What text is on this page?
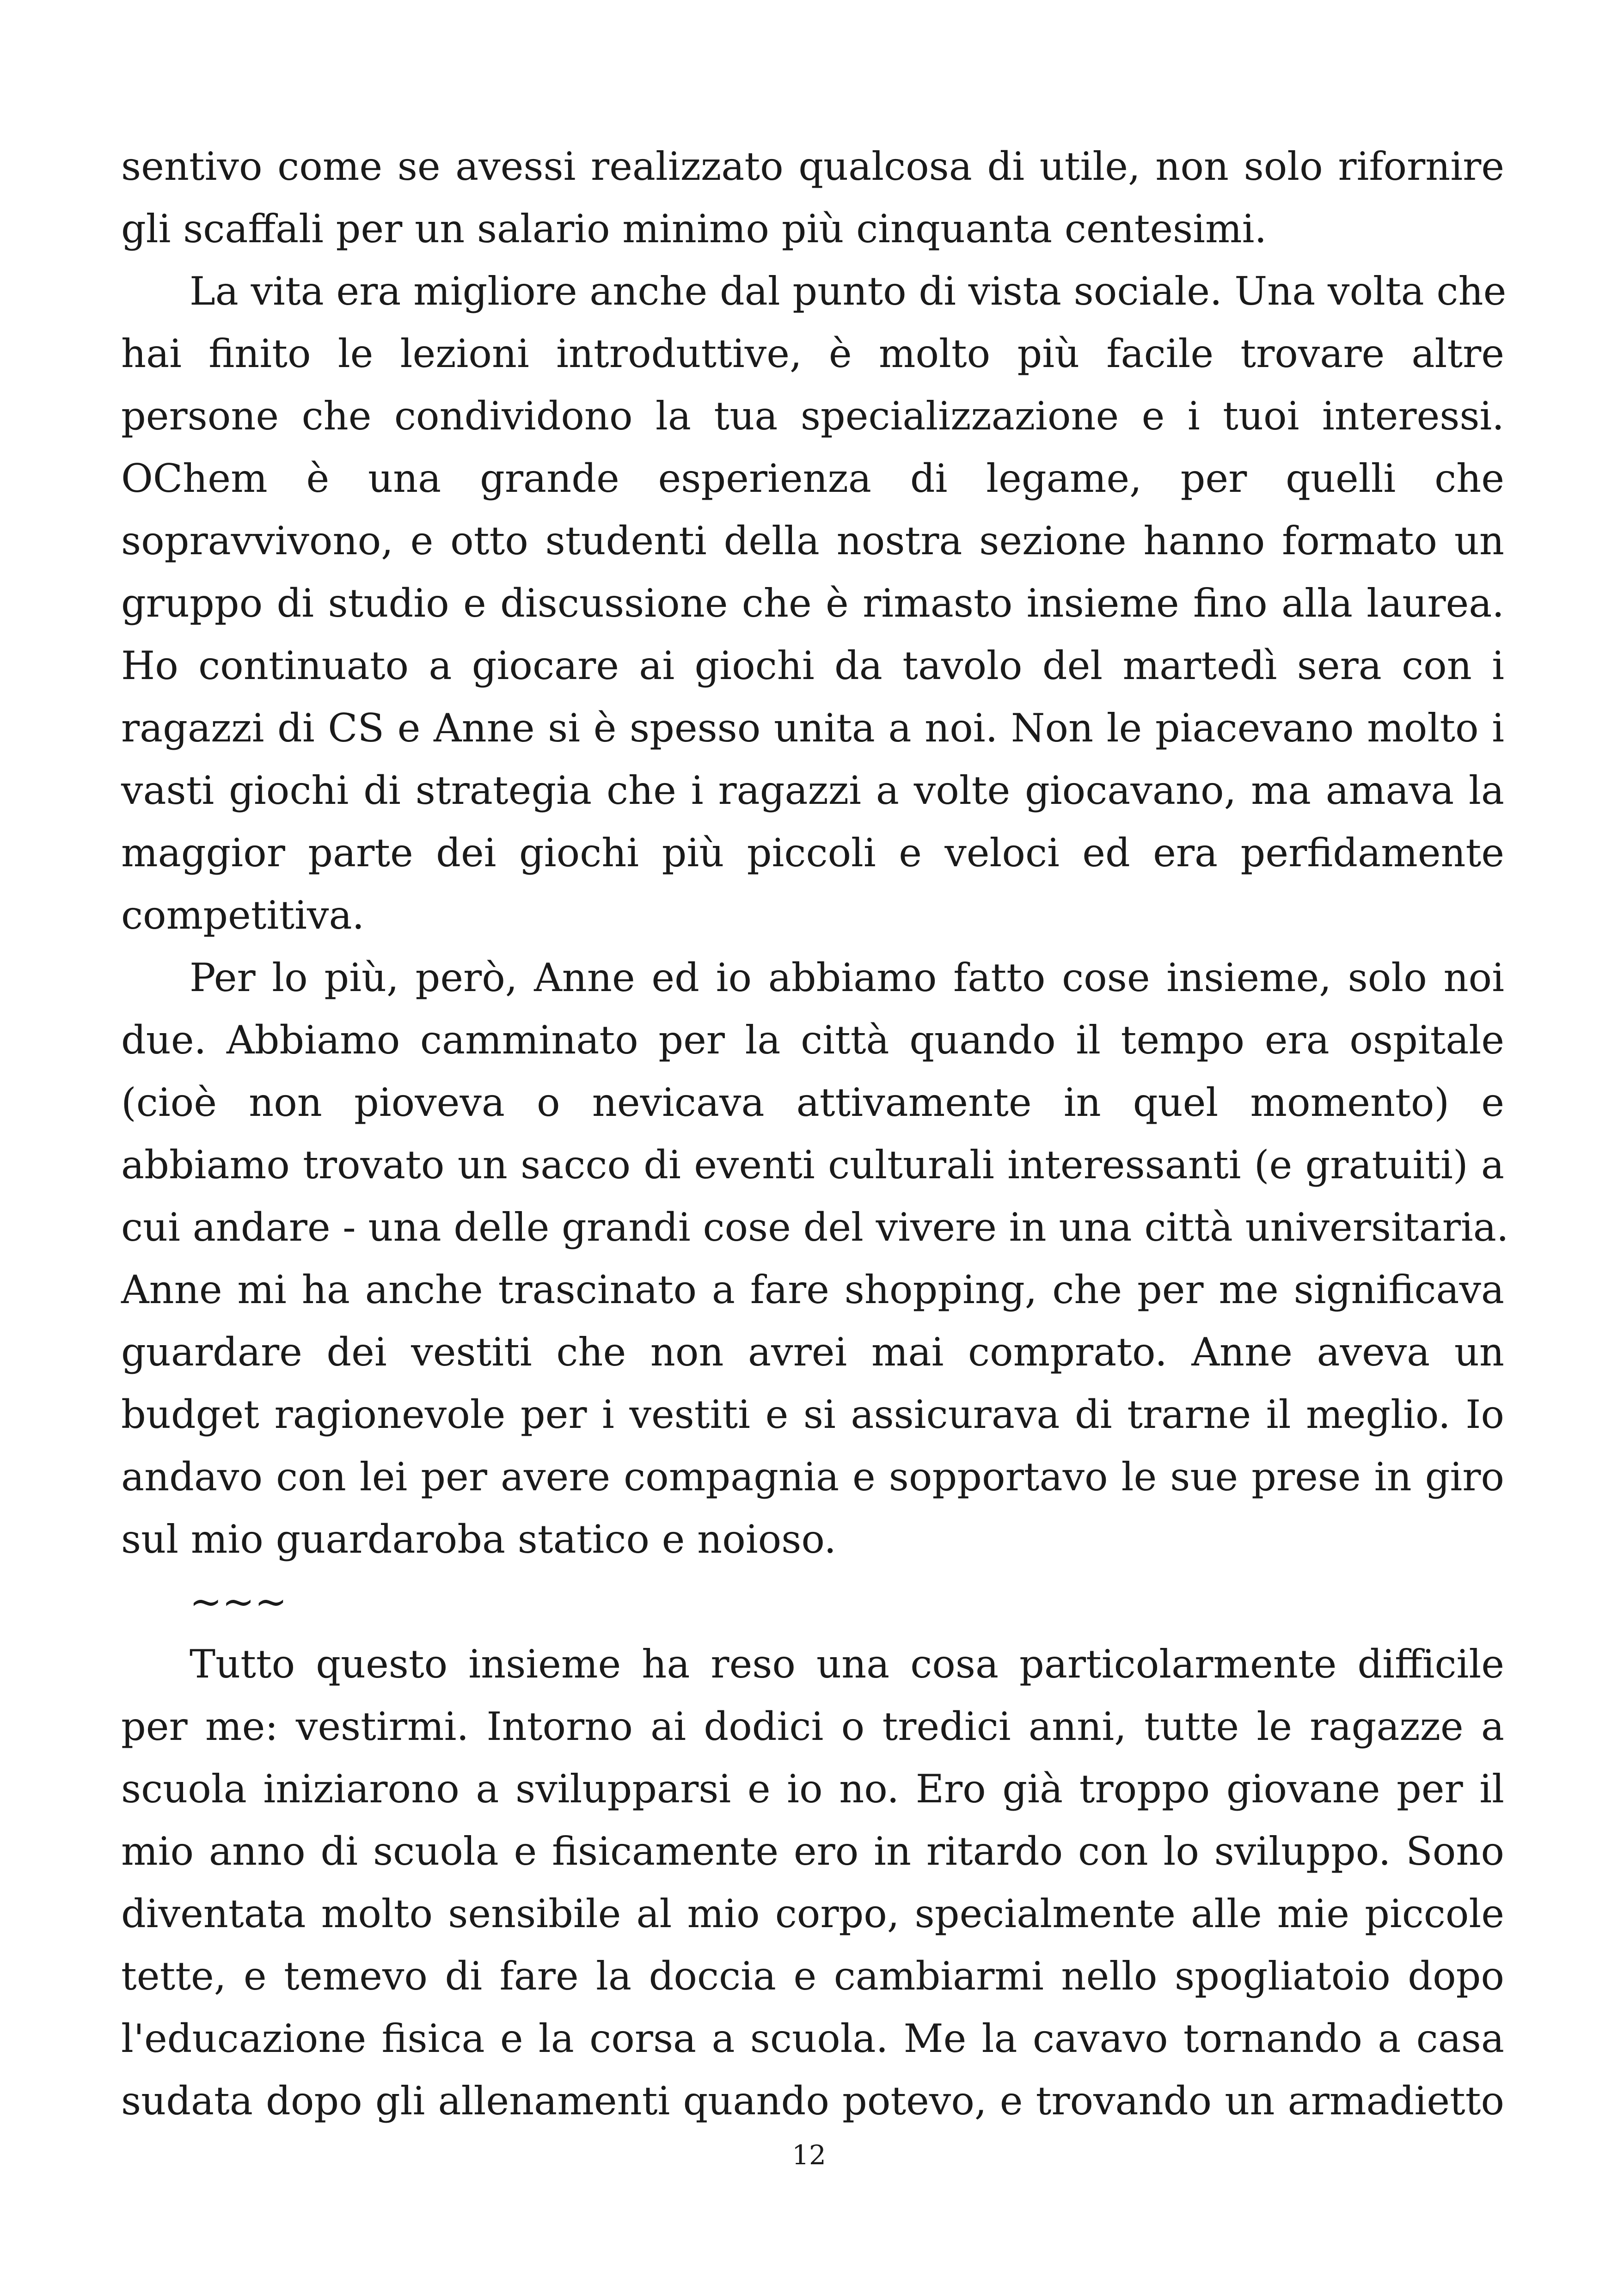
sentivo come se avessi realizzato qualcosa di utile, non solo rifornire
gli scaffali per un salario minimo più cinquanta centesimi.
La vita era migliore anche dal punto di vista sociale. Una volta che
hai finito le lezioni introduttive, è molto più facile trovare altre
persone che condividono la tua specializzazione e i tuoi interessi.
OChem è una grande esperienza di legame, per quelli che
sopravvivono, e otto studenti della nostra sezione hanno formato un
gruppo di studio e discussione che è rimasto insieme fino alla laurea.
Ho continuato a giocare ai giochi da tavolo del martedì sera con i
ragazzi di CS e Anne si è spesso unita a noi. Non le piacevano molto i
vasti giochi di strategia che i ragazzi a volte giocavano, ma amava la
maggior parte dei giochi più piccoli e veloci ed era perfidamente
competitiva.
Per lo più, però, Anne ed io abbiamo fatto cose insieme, solo noi
due. Abbiamo camminato per la città quando il tempo era ospitale
(cioè non pioveva o nevicava attivamente in quel momento) e
abbiamo trovato un sacco di eventi culturali interessanti (e gratuiti) a
cui andare - una delle grandi cose del vivere in una città universitaria.
Anne mi ha anche trascinato a fare shopping, che per me significava
guardare dei vestiti che non avrei mai comprato. Anne aveva un
budget ragionevole per i vestiti e si assicurava di trarne il meglio. Io
andavo con lei per avere compagnia e sopportavo le sue prese in giro
sul mio guardaroba statico e noioso.
~~~
Tutto questo insieme ha reso una cosa particolarmente difficile
per me: vestirmi. Intorno ai dodici o tredici anni, tutte le ragazze a
scuola iniziarono a svilupparsi e io no. Ero già troppo giovane per il
mio anno di scuola e fisicamente ero in ritardo con lo sviluppo. Sono
diventata molto sensibile al mio corpo, specialmente alle mie piccole
tette, e temevo di fare la doccia e cambiarmi nello spogliatoio dopo
l'educazione fisica e la corsa a scuola. Me la cavavo tornando a casa
sudata dopo gli allenamenti quando potevo, e trovando un armadietto
12
